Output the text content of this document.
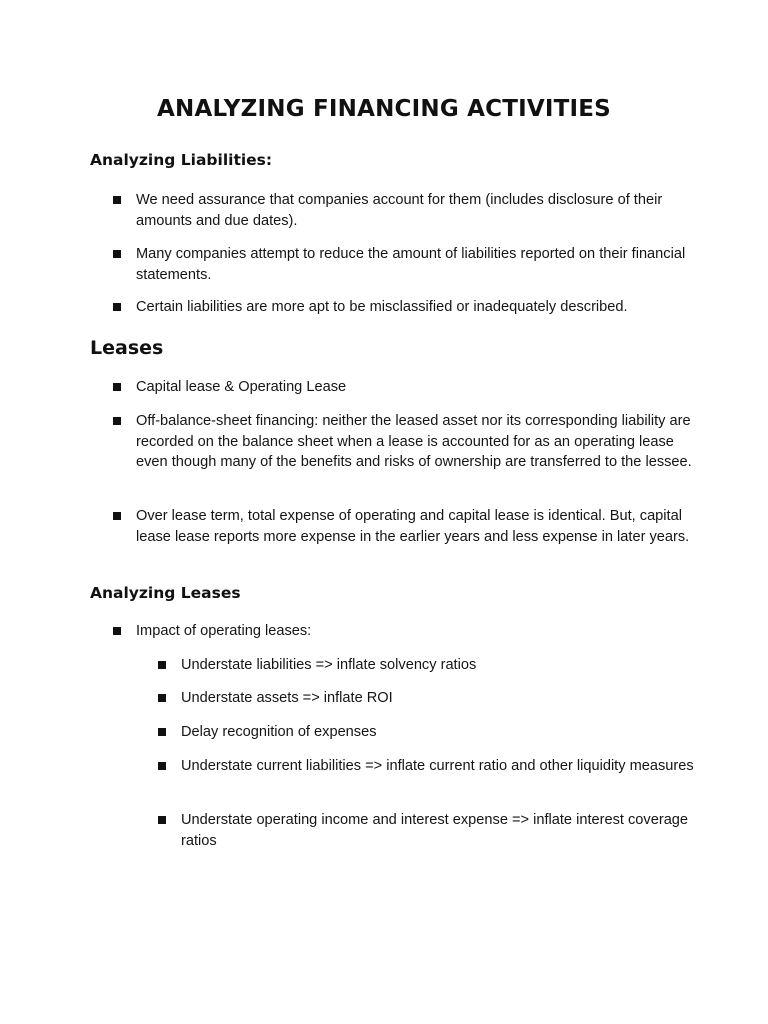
ANALYZING FINANCING ACTIVITIES
Analyzing Liabilities:
We need assurance that companies account for them (includes disclosure of their amounts and due dates).
Many companies attempt to reduce the amount of liabilities reported on their financial statements.
Certain liabilities are more apt to be misclassified or inadequately described.
Leases
Capital lease & Operating Lease
Off-balance-sheet financing: neither the leased asset nor its corresponding liability are recorded on the balance sheet when a lease is accounted for as an operating lease even though many of the benefits and risks of ownership are transferred to the lessee.
Over lease term, total expense of operating and capital lease is identical. But, capital lease lease reports more expense in the earlier years and less expense in later years.
Analyzing Leases
Impact of operating leases:
Understate liabilities => inflate solvency ratios
Understate assets => inflate ROI
Delay recognition of expenses
Understate current liabilities => inflate current ratio and other liquidity measures
Understate operating income and interest expense => inflate interest coverage ratios
